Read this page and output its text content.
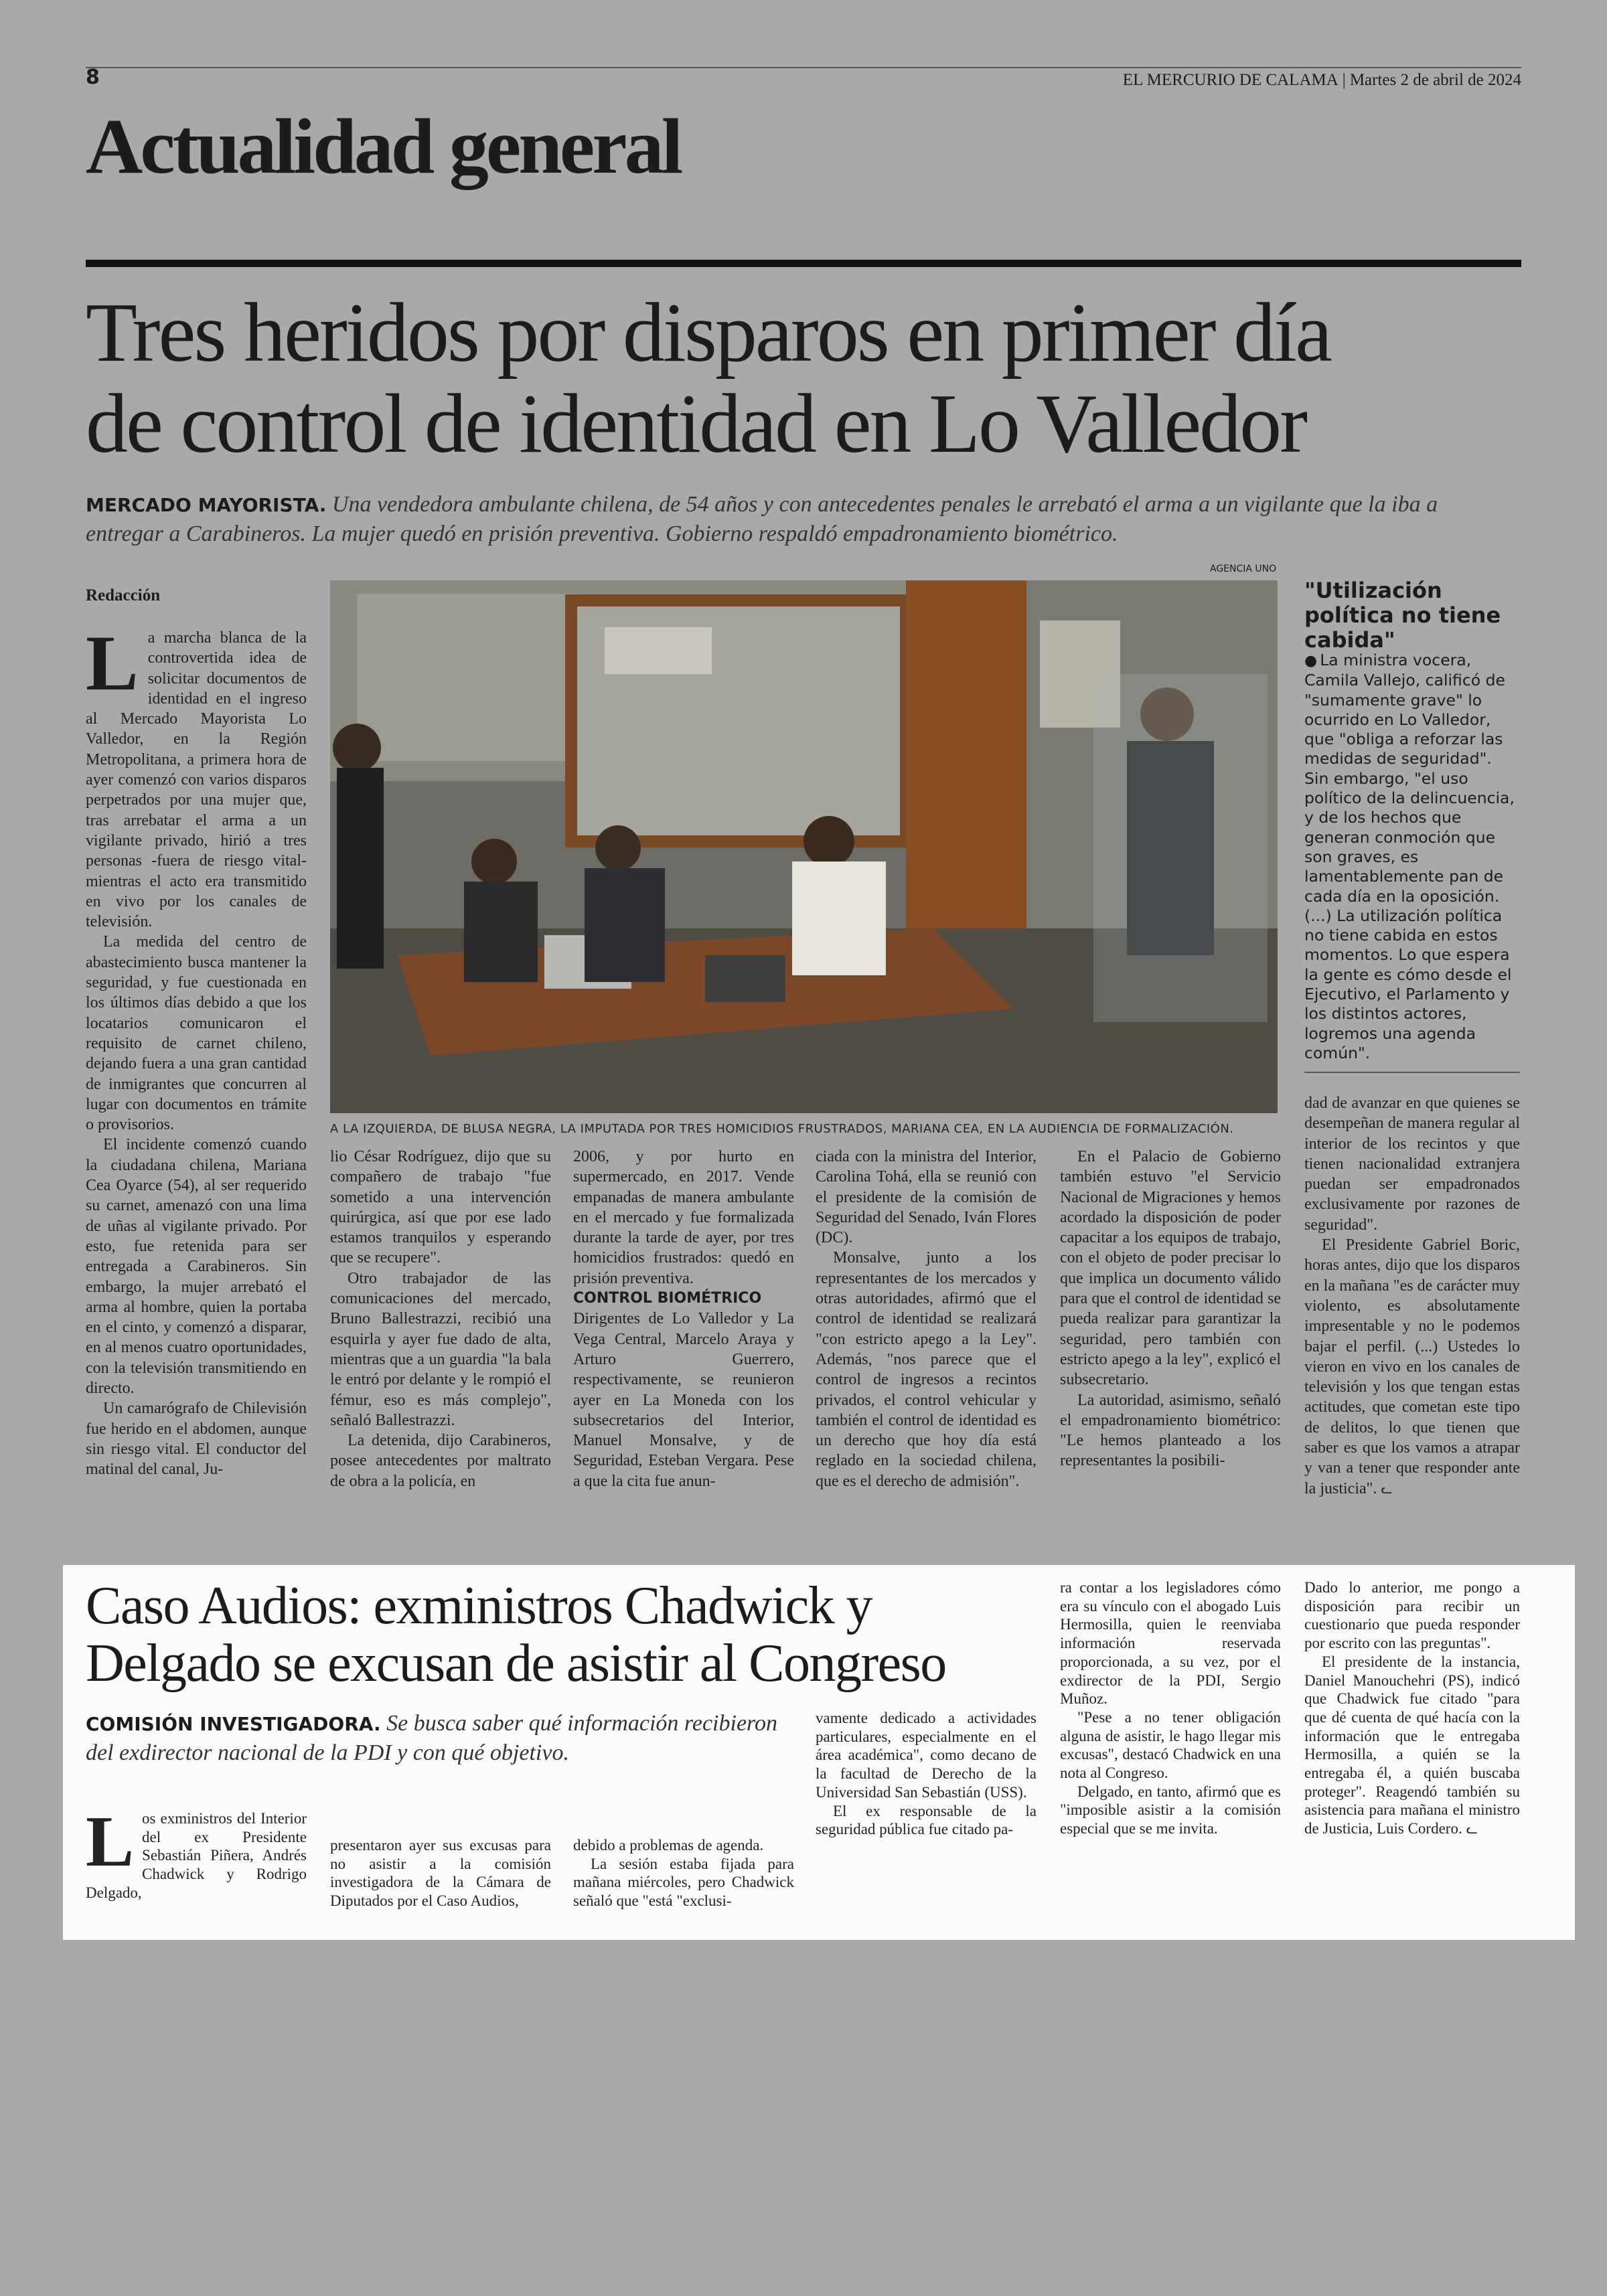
8	EL MERCURIO DE CALAMA | Martes 2 de abril de 2024
Actualidad general
Tres heridos por disparos en primer día
de control de identidad en Lo Valledor
MERCADO MAYORISTA. Una vendedora ambulante chilena, de 54 años y con antecedentes penales le arrebató el arma a un vigilante que la iba a entregar a Carabineros. La mujer quedó en prisión preventiva. Gobierno respaldó empadronamiento biométrico.
AGENCIA UNO
Redacción

La marcha blanca de la controvertida idea de solicitar documentos de identidad en el ingreso al Mercado Mayorista Lo Valledor, en la Región Metropolitana, a primera hora de ayer comenzó con varios disparos perpetrados por una mujer que, tras arrebatar el arma a un vigilante privado, hirió a tres personas -fuera de riesgo vital- mientras el acto era transmitido en vivo por los canales de televisión.

La medida del centro de abastecimiento busca mantener la seguridad, y fue cuestionada en los últimos días debido a que los locatarios comunicaron el requisito de carnet chileno, dejando fuera a una gran cantidad de inmigrantes que concurren al lugar con documentos en trámite o provisorios.

El incidente comenzó cuando la ciudadana chilena, Mariana Cea Oyarce (54), al ser requerido su carnet, amenazó con una lima de uñas al vigilante privado. Por esto, fue retenida para ser entregada a Carabineros. Sin embargo, la mujer arrebató el arma al hombre, quien la portaba en el cinto, y comenzó a disparar, en al menos cuatro oportunidades, con la televisión transmitiendo en directo.

Un camarógrafo de Chilevisión fue herido en el abdomen, aunque sin riesgo vital. El conductor del matinal del canal, Ju-

A LA IZQUIERDA, DE BLUSA NEGRA, LA IMPUTADA POR TRES HOMICIDIOS FRUSTRADOS, MARIANA CEA, EN LA AUDIENCIA DE FORMALIZACIÓN.
"Utilización política no tiene cabida"
● La ministra vocera, Camila Vallejo, calificó de "sumamente grave" lo ocurrido en Lo Valledor, que "obliga a reforzar las medidas de seguridad". Sin embargo, "el uso político de la delincuencia, y de los hechos que generan conmoción que son graves, es lamentablemente pan de cada día en la oposición. (...) La utilización política no tiene cabida en estos momentos. Lo que espera la gente es cómo desde el Ejecutivo, el Parlamento y los distintos actores, logremos una agenda común".

lio César Rodríguez, dijo que su compañero de trabajo "fue sometido a una intervención quirúrgica, así que por ese lado estamos tranquilos y esperando que se recupere".

Otro trabajador de las comunicaciones del mercado, Bruno Ballestrazzi, recibió una esquirla y ayer fue dado de alta, mientras que a un guardia "la bala le entró por delante y le rompió el fémur, eso es más complejo", señaló Ballestrazzi.

La detenida, dijo Carabineros, posee antecedentes por maltrato de obra a la policía, en

2006, y por hurto en supermercado, en 2017. Vende empanadas de manera ambulante en el mercado y fue formalizada durante la tarde de ayer, por tres homicidios frustrados: quedó en prisión preventiva.

CONTROL BIOMÉTRICO

Dirigentes de Lo Valledor y La Vega Central, Marcelo Araya y Arturo Guerrero, respectivamente, se reunieron ayer en La Moneda con los subsecretarios del Interior, Manuel Monsalve, y de Seguridad, Esteban Vergara. Pese a que la cita fue anun-

ciada con la ministra del Interior, Carolina Tohá, ella se reunió con el presidente de la comisión de Seguridad del Senado, Iván Flores (DC).

Monsalve, junto a los representantes de los mercados y otras autoridades, afirmó que el control de identidad se realizará "con estricto apego a la Ley". Además, "nos parece que el control de ingresos a recintos privados, el control vehicular y también el control de identidad es un derecho que hoy día está reglado en la sociedad chilena, que es el derecho de admisión".

En el Palacio de Gobierno también estuvo "el Servicio Nacional de Migraciones y hemos acordado la disposición de poder capacitar a los equipos de trabajo, con el objeto de poder precisar lo que implica un documento válido para que el control de identidad se pueda realizar para garantizar la seguridad, pero también con estricto apego a la ley", explicó el subsecretario.

La autoridad, asimismo, señaló el empadronamiento biométrico: "Le hemos planteado a los representantes la posibili-

dad de avanzar en que quienes se desempeñan de manera regular al interior de los recintos y que tienen nacionalidad extranjera puedan ser empadronados exclusivamente por razones de seguridad".

El Presidente Gabriel Boric, horas antes, dijo que los disparos en la mañana "es de carácter muy violento, es absolutamente impresentable y no le podemos bajar el perfil. (...) Ustedes lo vieron en vivo en los canales de televisión y los que tengan estas actitudes, que cometan este tipo de delitos, lo que tienen que saber es que los vamos a atrapar y van a tener que responder ante la justicia". ᓚ

Caso Audios: exministros Chadwick y Delgado se excusan de asistir al Congreso
COMISIÓN INVESTIGADORA. Se busca saber qué información recibieron del exdirector nacional de la PDI y con qué objetivo.

Los exministros del Interior del ex Presidente Sebastián Piñera, Andrés Chadwick y Rodrigo Delgado,

presentaron ayer sus excusas para no asistir a la comisión investigadora de la Cámara de Diputados por el Caso Audios,

debido a problemas de agenda.

La sesión estaba fijada para mañana miércoles, pero Chadwick señaló que "está "exclusi-

vamente dedicado a actividades particulares, especialmente en el área académica", como decano de la facultad de Derecho de la Universidad San Sebastián (USS).

El ex responsable de la seguridad pública fue citado pa-

ra contar a los legisladores cómo era su vínculo con el abogado Luis Hermosilla, quien le reenviaba información reservada proporcionada, a su vez, por el exdirector de la PDI, Sergio Muñoz.

"Pese a no tener obligación alguna de asistir, le hago llegar mis excusas", destacó Chadwick en una nota al Congreso.

Delgado, en tanto, afirmó que es "imposible asistir a la comisión especial que se me invita.

Dado lo anterior, me pongo a disposición para recibir un cuestionario que pueda responder por escrito con las preguntas".

El presidente de la instancia, Daniel Manouchehri (PS), indicó que Chadwick fue citado "para que dé cuenta de qué hacía con la información que le entregaba Hermosilla, a quién se la entregaba él, a quién buscaba proteger". Reagendó también su asistencia para mañana el ministro de Justicia, Luis Cordero. ᓚ
